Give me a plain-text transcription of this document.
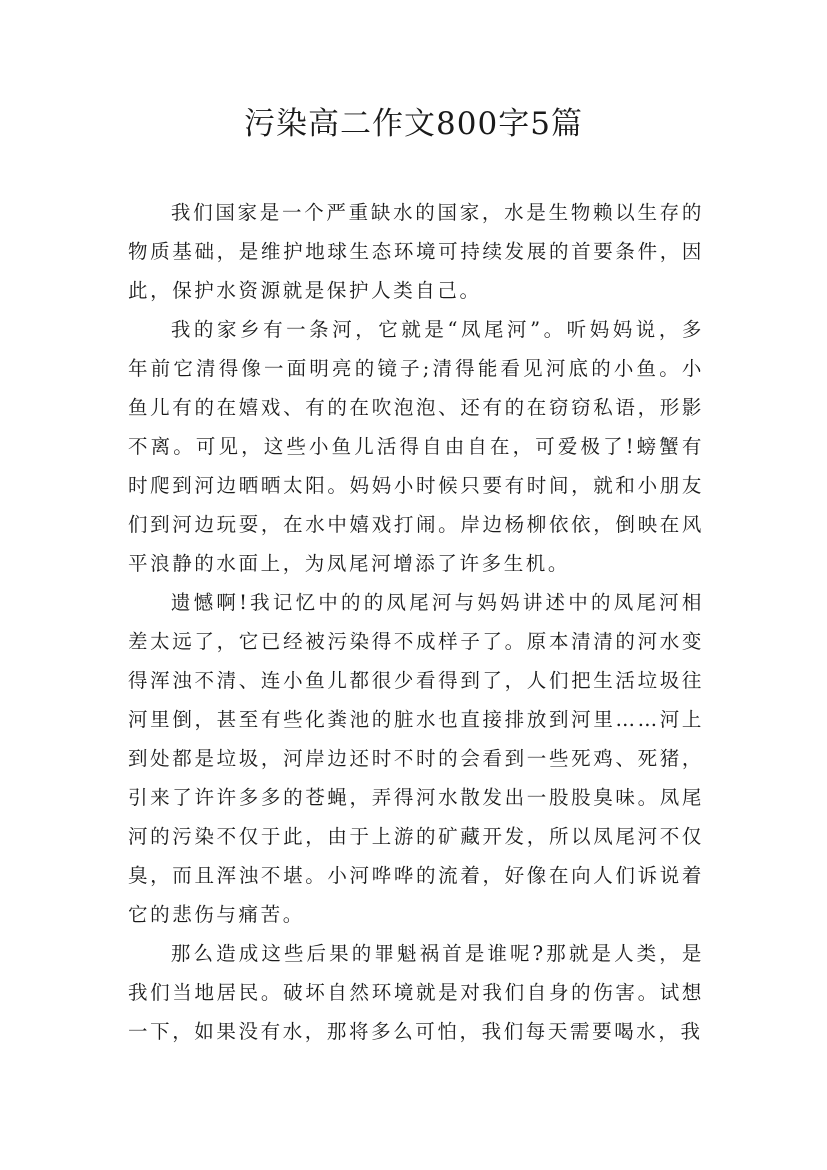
污染高二作文800字5篇

我们国家是一个严重缺水的国家，水是生物赖以生存的物质基础，是维护地球生态环境可持续发展的首要条件，因此，保护水资源就是保护人类自己。

我的家乡有一条河，它就是“凤尾河”。听妈妈说，多年前它清得像一面明亮的镜子;清得能看见河底的小鱼。小鱼儿有的在嬉戏、有的在吹泡泡、还有的在窃窃私语，形影不离。可见，这些小鱼儿活得自由自在，可爱极了!螃蟹有时爬到河边晒晒太阳。妈妈小时候只要有时间，就和小朋友们到河边玩耍，在水中嬉戏打闹。岸边杨柳依依，倒映在风平浪静的水面上，为凤尾河增添了许多生机。

遗憾啊!我记忆中的的凤尾河与妈妈讲述中的凤尾河相差太远了，它已经被污染得不成样子了。原本清清的河水变得浑浊不清、连小鱼儿都很少看得到了，人们把生活垃圾往河里倒，甚至有些化粪池的脏水也直接排放到河里……河上到处都是垃圾，河岸边还时不时的会看到一些死鸡、死猪，引来了许许多多的苍蝇，弄得河水散发出一股股臭味。凤尾河的污染不仅于此，由于上游的矿藏开发，所以凤尾河不仅臭，而且浑浊不堪。小河哗哗的流着，好像在向人们诉说着它的悲伤与痛苦。

那么造成这些后果的罪魁祸首是谁呢?那就是人类，是我们当地居民。破坏自然环境就是对我们自身的伤害。试想一下，如果没有水，那将多么可怕，我们每天需要喝水，我
